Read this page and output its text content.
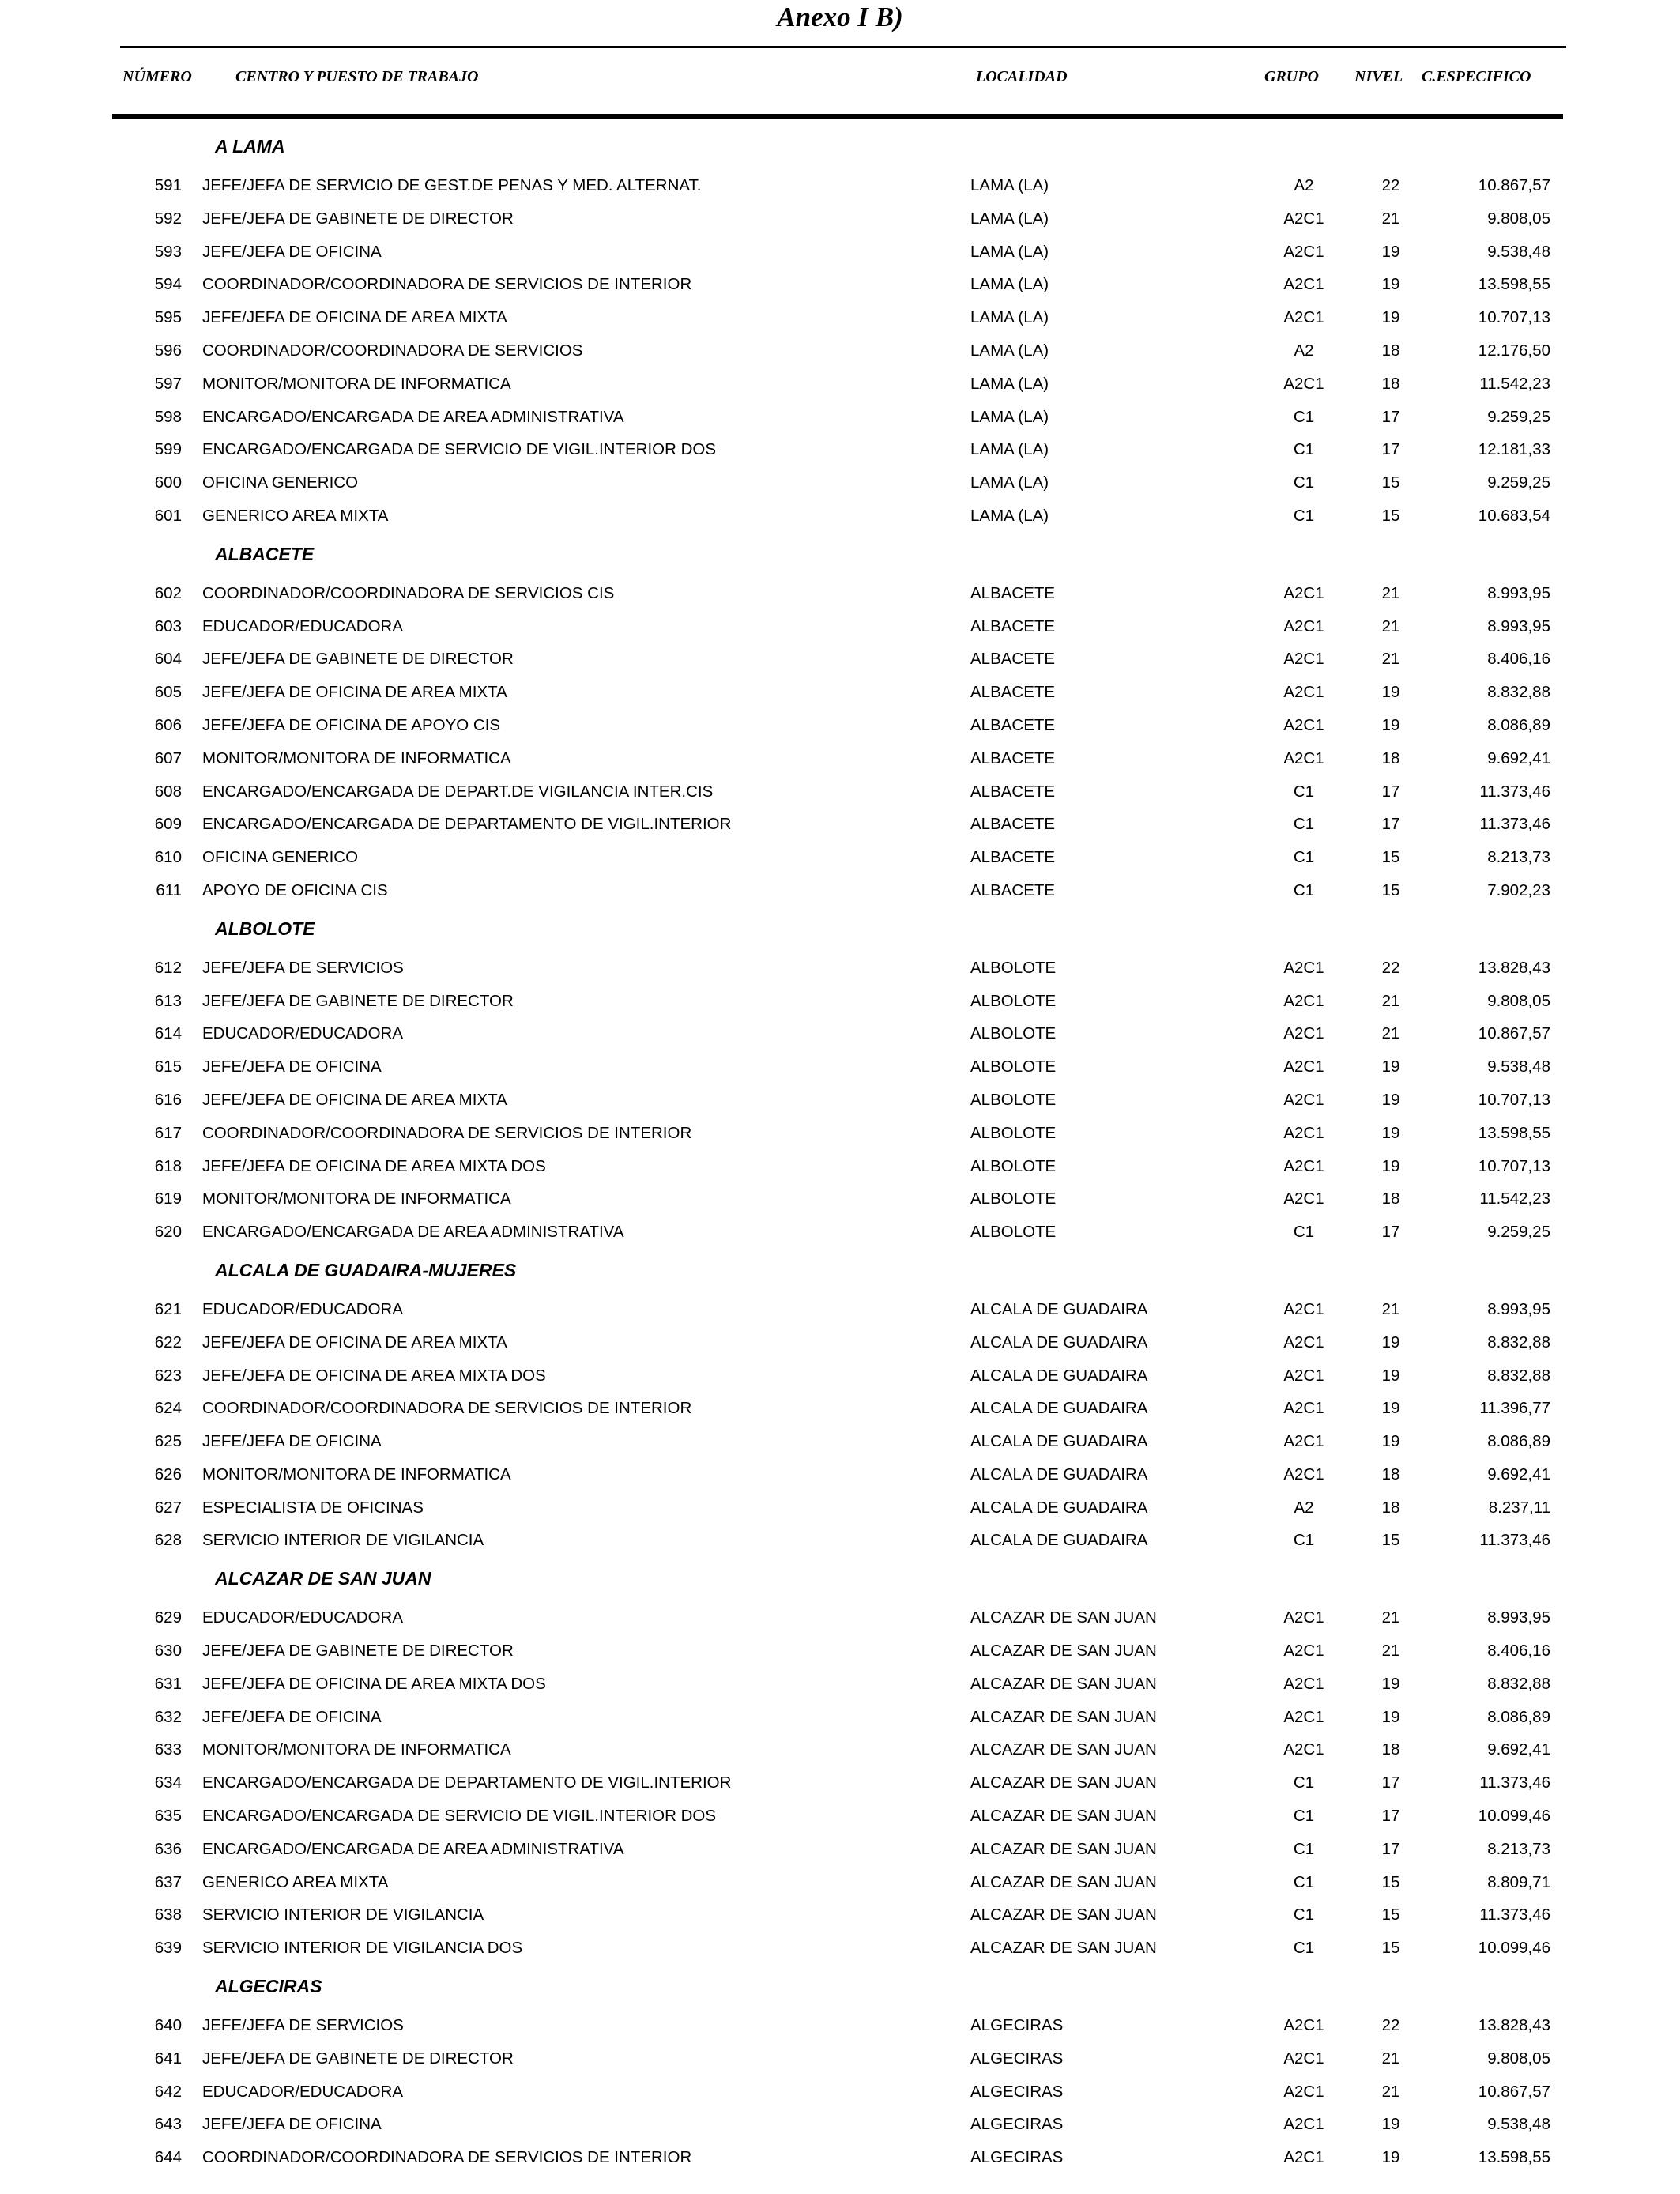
Anexo I B)
NÚMERO	CENTRO Y PUESTO DE TRABAJO	LOCALIDAD	GRUPO NIVEL C.ESPECIFICO
A LAMA
591 JEFE/JEFA DE SERVICIO DE GEST.DE PENAS Y MED. ALTERNAT.	LAMA (LA)	A2	22	10.867,57
592 JEFE/JEFA DE GABINETE DE DIRECTOR	LAMA (LA)	A2C1	21	9.808,05
593 JEFE/JEFA DE OFICINA	LAMA (LA)	A2C1	19	9.538,48
594 COORDINADOR/COORDINADORA DE SERVICIOS DE INTERIOR	LAMA (LA)	A2C1	19	13.598,55
595 JEFE/JEFA DE OFICINA DE AREA MIXTA	LAMA (LA)	A2C1	19	10.707,13
596 COORDINADOR/COORDINADORA DE SERVICIOS	LAMA (LA)	A2	18	12.176,50
597 MONITOR/MONITORA DE INFORMATICA	LAMA (LA)	A2C1	18	11.542,23
598 ENCARGADO/ENCARGADA DE AREA ADMINISTRATIVA	LAMA (LA)	C1	17	9.259,25
599 ENCARGADO/ENCARGADA DE SERVICIO DE VIGIL.INTERIOR DOS	LAMA (LA)	C1	17	12.181,33
600 OFICINA GENERICO	LAMA (LA)	C1	15	9.259,25
601 GENERICO AREA MIXTA	LAMA (LA)	C1	15	10.683,54
ALBACETE
602 COORDINADOR/COORDINADORA DE SERVICIOS CIS	ALBACETE	A2C1	21	8.993,95
603 EDUCADOR/EDUCADORA	ALBACETE	A2C1	21	8.993,95
604 JEFE/JEFA DE GABINETE DE DIRECTOR	ALBACETE	A2C1	21	8.406,16
605 JEFE/JEFA DE OFICINA DE AREA MIXTA	ALBACETE	A2C1	19	8.832,88
606 JEFE/JEFA DE OFICINA DE APOYO CIS	ALBACETE	A2C1	19	8.086,89
607 MONITOR/MONITORA DE INFORMATICA	ALBACETE	A2C1	18	9.692,41
608 ENCARGADO/ENCARGADA DE DEPART.DE VIGILANCIA INTER.CIS	ALBACETE	C1	17	11.373,46
609 ENCARGADO/ENCARGADA DE DEPARTAMENTO DE VIGIL.INTERIOR	ALBACETE	C1	17	11.373,46
610 OFICINA GENERICO	ALBACETE	C1	15	8.213,73
611 APOYO DE OFICINA CIS	ALBACETE	C1	15	7.902,23
ALBOLOTE
612 JEFE/JEFA DE SERVICIOS	ALBOLOTE	A2C1	22	13.828,43
613 JEFE/JEFA DE GABINETE DE DIRECTOR	ALBOLOTE	A2C1	21	9.808,05
614 EDUCADOR/EDUCADORA	ALBOLOTE	A2C1	21	10.867,57
615 JEFE/JEFA DE OFICINA	ALBOLOTE	A2C1	19	9.538,48
616 JEFE/JEFA DE OFICINA DE AREA MIXTA	ALBOLOTE	A2C1	19	10.707,13
617 COORDINADOR/COORDINADORA DE SERVICIOS DE INTERIOR	ALBOLOTE	A2C1	19	13.598,55
618 JEFE/JEFA DE OFICINA DE AREA MIXTA DOS	ALBOLOTE	A2C1	19	10.707,13
619 MONITOR/MONITORA DE INFORMATICA	ALBOLOTE	A2C1	18	11.542,23
620 ENCARGADO/ENCARGADA DE AREA ADMINISTRATIVA	ALBOLOTE	C1	17	9.259,25
ALCALA DE GUADAIRA-MUJERES
621 EDUCADOR/EDUCADORA	ALCALA DE GUADAIRA	A2C1	21	8.993,95
622 JEFE/JEFA DE OFICINA DE AREA MIXTA	ALCALA DE GUADAIRA	A2C1	19	8.832,88
623 JEFE/JEFA DE OFICINA DE AREA MIXTA DOS	ALCALA DE GUADAIRA	A2C1	19	8.832,88
624 COORDINADOR/COORDINADORA DE SERVICIOS DE INTERIOR	ALCALA DE GUADAIRA	A2C1	19	11.396,77
625 JEFE/JEFA DE OFICINA	ALCALA DE GUADAIRA	A2C1	19	8.086,89
626 MONITOR/MONITORA DE INFORMATICA	ALCALA DE GUADAIRA	A2C1	18	9.692,41
627 ESPECIALISTA DE OFICINAS	ALCALA DE GUADAIRA	A2	18	8.237,11
628 SERVICIO INTERIOR DE VIGILANCIA	ALCALA DE GUADAIRA	C1	15	11.373,46
ALCAZAR DE SAN JUAN
629 EDUCADOR/EDUCADORA	ALCAZAR DE SAN JUAN	A2C1	21	8.993,95
630 JEFE/JEFA DE GABINETE DE DIRECTOR	ALCAZAR DE SAN JUAN	A2C1	21	8.406,16
631 JEFE/JEFA DE OFICINA DE AREA MIXTA DOS	ALCAZAR DE SAN JUAN	A2C1	19	8.832,88
632 JEFE/JEFA DE OFICINA	ALCAZAR DE SAN JUAN	A2C1	19	8.086,89
633 MONITOR/MONITORA DE INFORMATICA	ALCAZAR DE SAN JUAN	A2C1	18	9.692,41
634 ENCARGADO/ENCARGADA DE DEPARTAMENTO DE VIGIL.INTERIOR	ALCAZAR DE SAN JUAN	C1	17	11.373,46
635 ENCARGADO/ENCARGADA DE SERVICIO DE VIGIL.INTERIOR DOS	ALCAZAR DE SAN JUAN	C1	17	10.099,46
636 ENCARGADO/ENCARGADA DE AREA ADMINISTRATIVA	ALCAZAR DE SAN JUAN	C1	17	8.213,73
637 GENERICO AREA MIXTA	ALCAZAR DE SAN JUAN	C1	15	8.809,71
638 SERVICIO INTERIOR DE VIGILANCIA	ALCAZAR DE SAN JUAN	C1	15	11.373,46
639 SERVICIO INTERIOR DE VIGILANCIA DOS	ALCAZAR DE SAN JUAN	C1	15	10.099,46
ALGECIRAS
640 JEFE/JEFA DE SERVICIOS	ALGECIRAS	A2C1	22	13.828,43
641 JEFE/JEFA DE GABINETE DE DIRECTOR	ALGECIRAS	A2C1	21	9.808,05
642 EDUCADOR/EDUCADORA	ALGECIRAS	A2C1	21	10.867,57
643 JEFE/JEFA DE OFICINA	ALGECIRAS	A2C1	19	9.538,48
644 COORDINADOR/COORDINADORA DE SERVICIOS DE INTERIOR	ALGECIRAS	A2C1	19	13.598,55
